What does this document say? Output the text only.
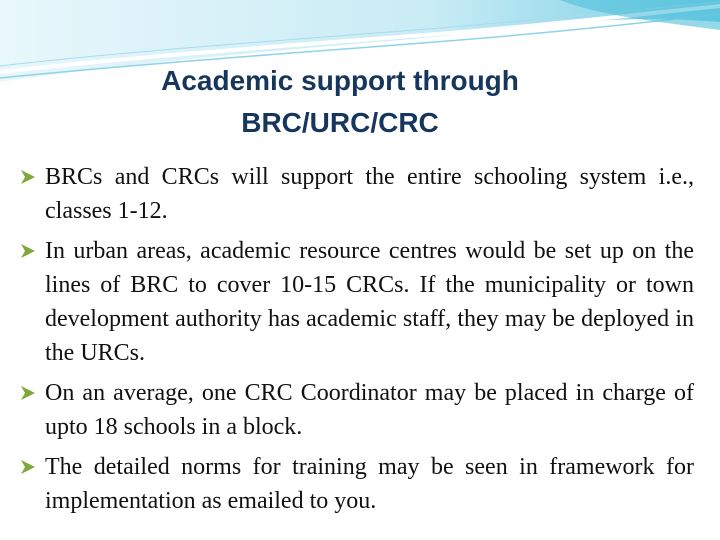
Academic support through
BRC/URC/CRC
BRCs and CRCs will support the entire schooling system i.e., classes 1-12.
In urban areas, academic resource centres would be set up on the lines of BRC to cover 10-15 CRCs. If the municipality or town development authority has academic staff, they may be deployed in the URCs.
On an average, one CRC Coordinator may be placed in charge of upto 18 schools in a block.
The detailed norms for training may be seen in framework for implementation as emailed to you.
